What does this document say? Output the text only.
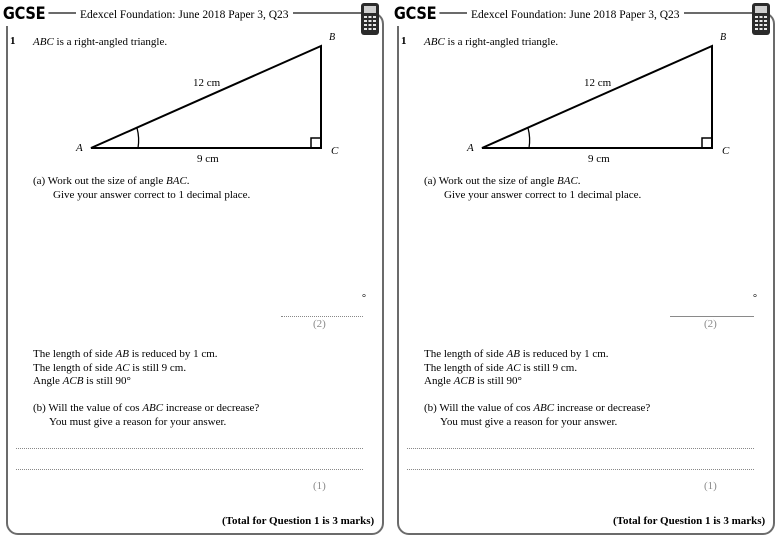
GCSE	Edexcel Foundation: June 2018 Paper 3, Q23
1 ABC is a right-angled triangle.
A
B
C
12 cm
9 cm
(a) Work out the size of angle BAC.
Give your answer correct to 1 decimal place.
°
(2)
The length of side AB is reduced by 1 cm.
The length of side AC is still 9 cm.
Angle ACB is still 90°
(b) Will the value of cos ABC increase or decrease?
You must give a reason for your answer.
(1)
(Total for Question 1 is 3 marks)
GCSE	Edexcel Foundation: June 2018 Paper 3, Q23
1 ABC is a right-angled triangle.
A
B
C
12 cm
9 cm
(a) Work out the size of angle BAC.
Give your answer correct to 1 decimal place.
°
(2)
The length of side AB is reduced by 1 cm.
The length of side AC is still 9 cm.
Angle ACB is still 90°
(b) Will the value of cos ABC increase or decrease?
You must give a reason for your answer.
(1)
(Total for Question 1 is 3 marks)
